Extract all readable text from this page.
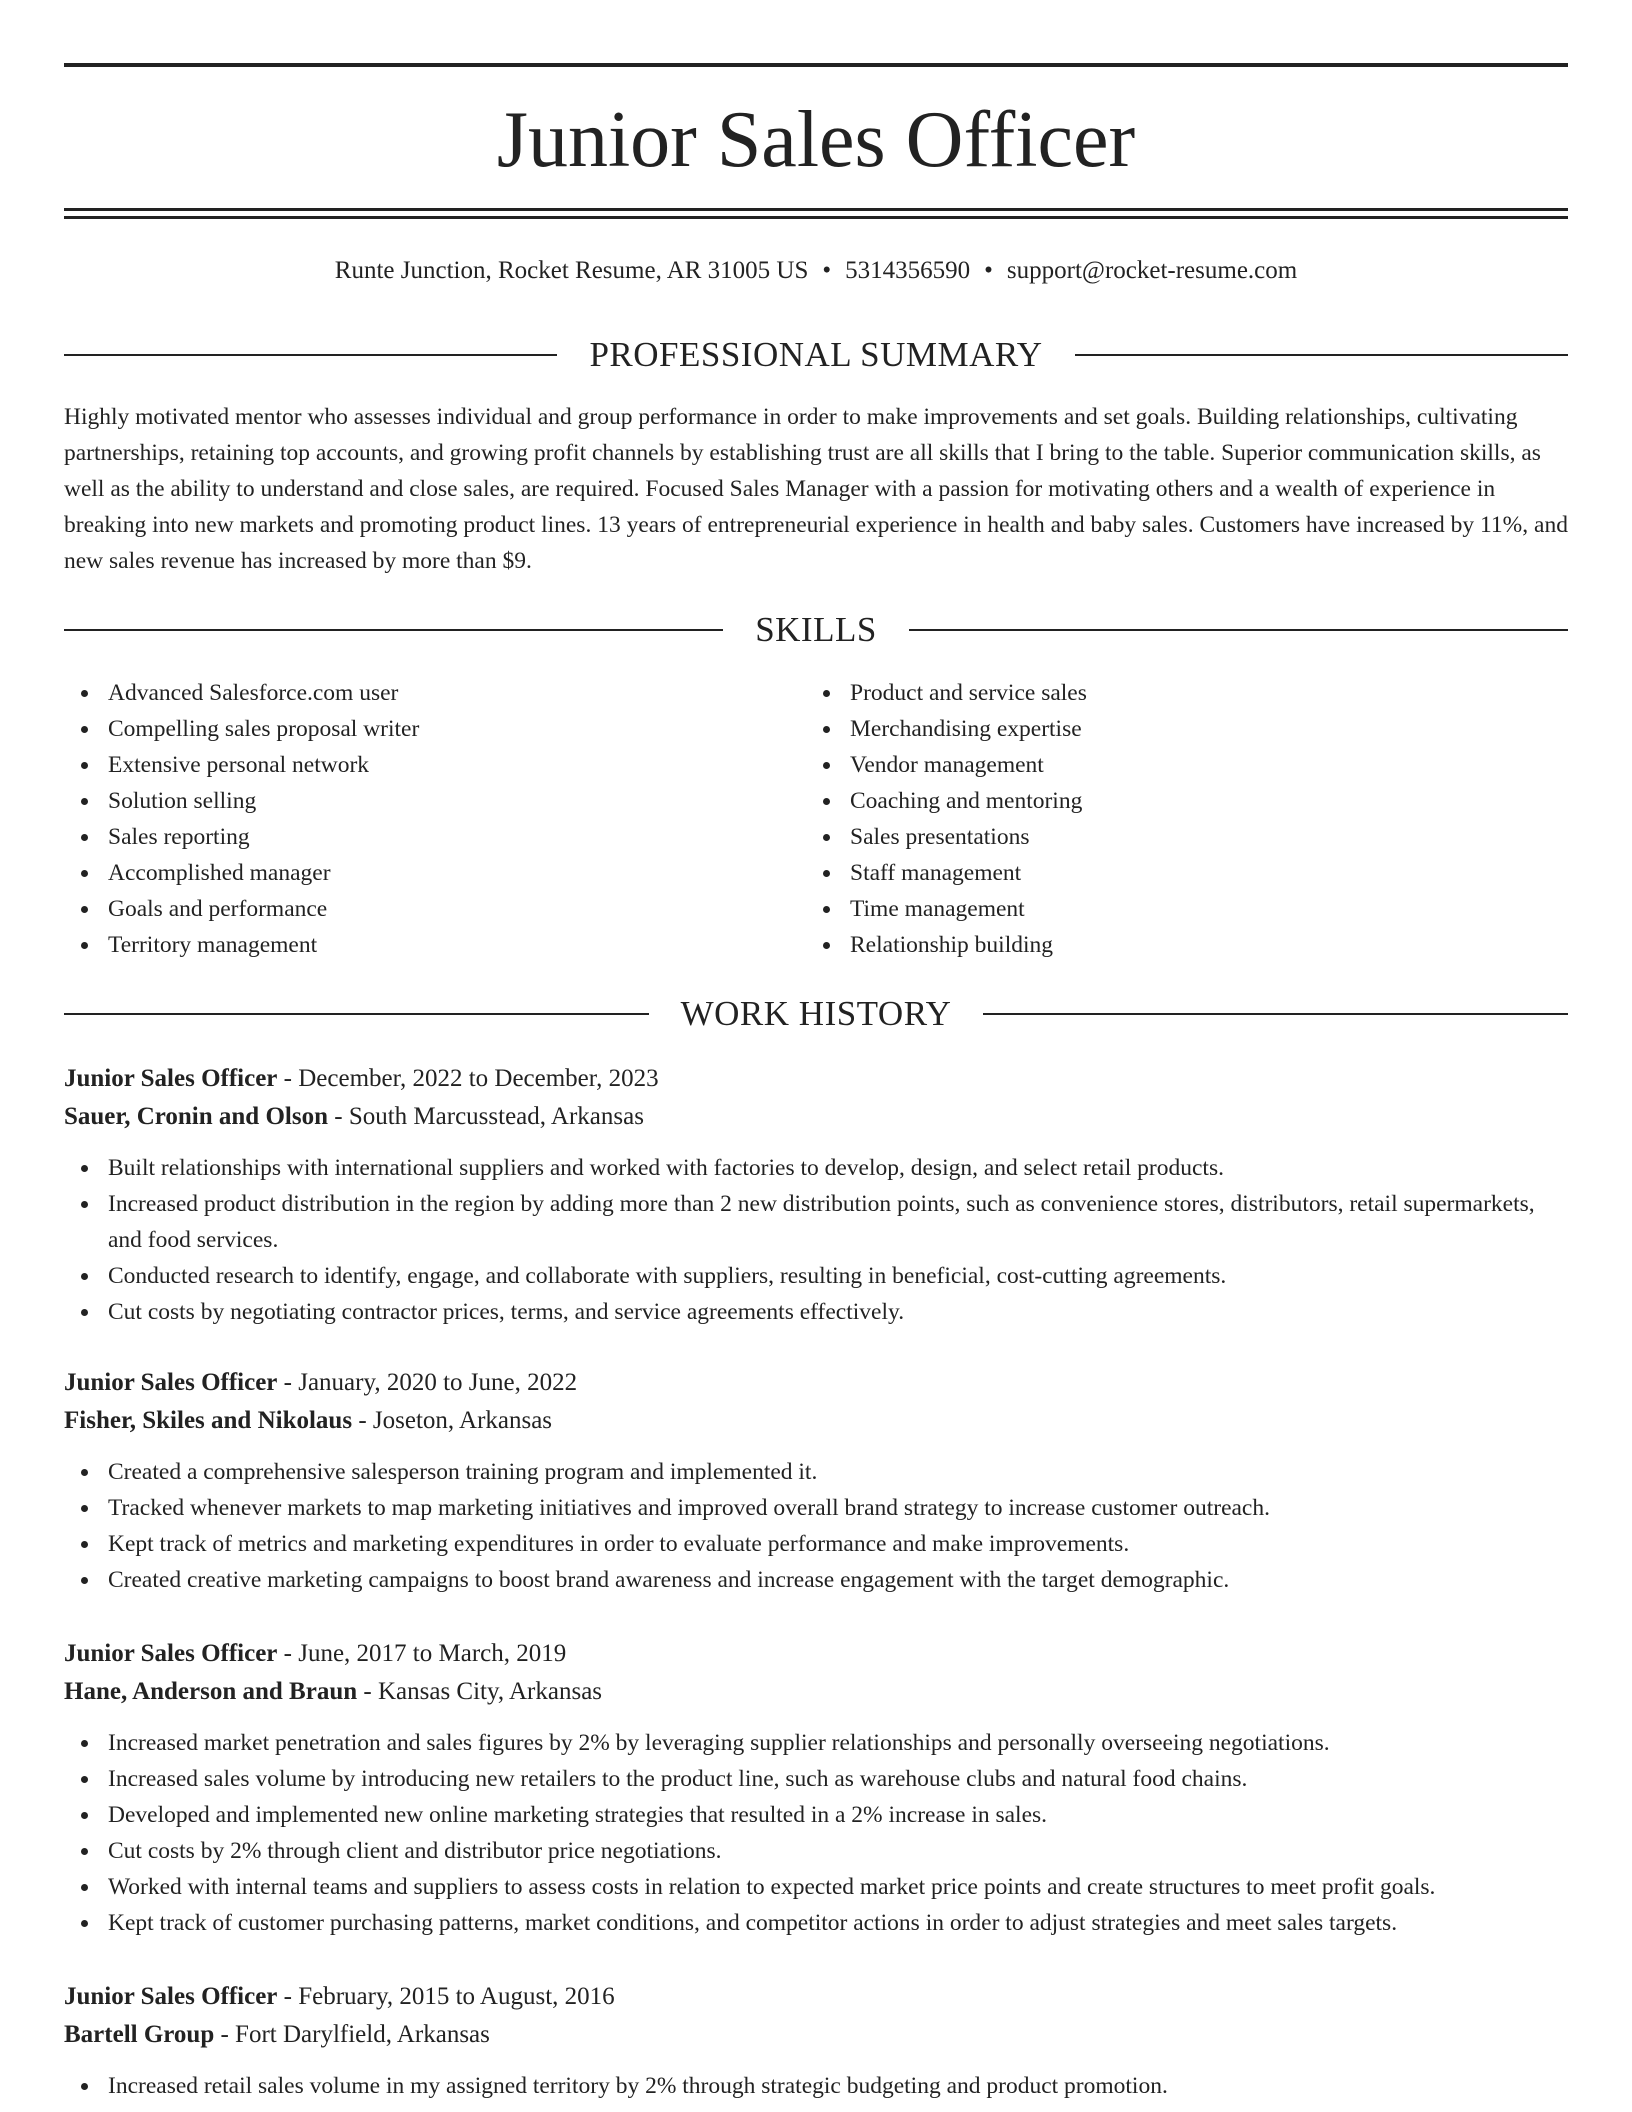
Junior Sales Officer
Runte Junction, Rocket Resume, AR 31005 US • 5314356590 • support@rocket-resume.com
PROFESSIONAL SUMMARY

Highly motivated mentor who assesses individual and group performance in order to make improvements and set goals. Building relationships, cultivating partnerships, retaining top accounts, and growing profit channels by establishing trust are all skills that I bring to the table. Superior communication skills, as well as the ability to understand and close sales, are required. Focused Sales Manager with a passion for motivating others and a wealth of experience in breaking into new markets and promoting product lines. 13 years of entrepreneurial experience in health and baby sales. Customers have increased by 11%, and new sales revenue has increased by more than $9.

SKILLS
Advanced Salesforce.com user
Compelling sales proposal writer
Extensive personal network
Solution selling
Sales reporting
Accomplished manager
Goals and performance
Territory management
Product and service sales
Merchandising expertise
Vendor management
Coaching and mentoring
Sales presentations
Staff management
Time management
Relationship building
WORK HISTORY
Junior Sales Officer - December, 2022 to December, 2023
Sauer, Cronin and Olson - South Marcusstead, Arkansas
Built relationships with international suppliers and worked with factories to develop, design, and select retail products.
Increased product distribution in the region by adding more than 2 new distribution points, such as convenience stores, distributors, retail supermarkets, and food services.
Conducted research to identify, engage, and collaborate with suppliers, resulting in beneficial, cost-cutting agreements.
Cut costs by negotiating contractor prices, terms, and service agreements effectively.
Junior Sales Officer - January, 2020 to June, 2022
Fisher, Skiles and Nikolaus - Joseton, Arkansas
Created a comprehensive salesperson training program and implemented it.
Tracked whenever markets to map marketing initiatives and improved overall brand strategy to increase customer outreach.
Kept track of metrics and marketing expenditures in order to evaluate performance and make improvements.
Created creative marketing campaigns to boost brand awareness and increase engagement with the target demographic.
Junior Sales Officer - June, 2017 to March, 2019
Hane, Anderson and Braun - Kansas City, Arkansas
Increased market penetration and sales figures by 2% by leveraging supplier relationships and personally overseeing negotiations.
Increased sales volume by introducing new retailers to the product line, such as warehouse clubs and natural food chains.
Developed and implemented new online marketing strategies that resulted in a 2% increase in sales.
Cut costs by 2% through client and distributor price negotiations.
Worked with internal teams and suppliers to assess costs in relation to expected market price points and create structures to meet profit goals.
Kept track of customer purchasing patterns, market conditions, and competitor actions in order to adjust strategies and meet sales targets.
Junior Sales Officer - February, 2015 to August, 2016
Bartell Group - Fort Darylfield, Arkansas
Increased retail sales volume in my assigned territory by 2% through strategic budgeting and product promotion.
